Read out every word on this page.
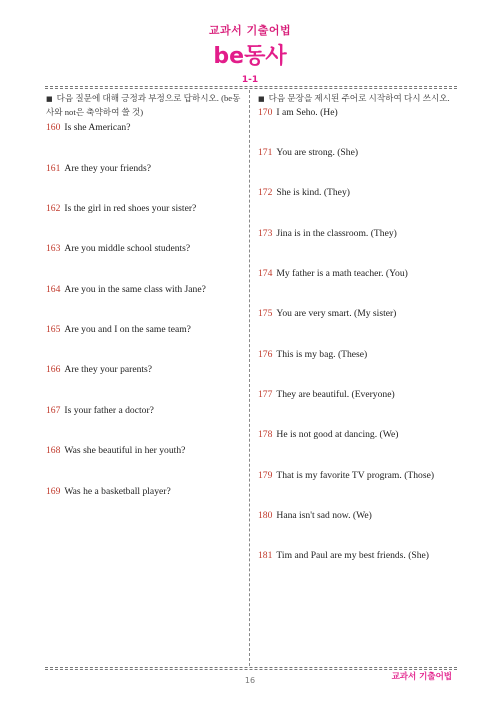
교과서 기출어법
be동사
1-1
■ 다음 질문에 대해 긍정과 부정으로 답하시오. (be동사와 not은 축약하여 쓸 것)
160 Is she American?
161 Are they your friends?
162 Is the girl in red shoes your sister?
163 Are you middle school students?
164 Are you in the same class with Jane?
165 Are you and I on the same team?
166 Are they your parents?
167 Is your father a doctor?
168 Was she beautiful in her youth?
169 Was he a basketball player?
■ 다음 문장을 제시된 주어로 시작하여 다시 쓰시오.
170 I am Seho. (He)
171 You are strong. (She)
172 She is kind. (They)
173 Jina is in the classroom. (They)
174 My father is a math teacher. (You)
175 You are very smart. (My sister)
176 This is my bag. (These)
177 They are beautiful. (Everyone)
178 He is not good at dancing. (We)
179 That is my favorite TV program. (Those)
180 Hana isn't sad now. (We)
181 Tim and Paul are my best friends. (She)
16	교과서 기출어법
